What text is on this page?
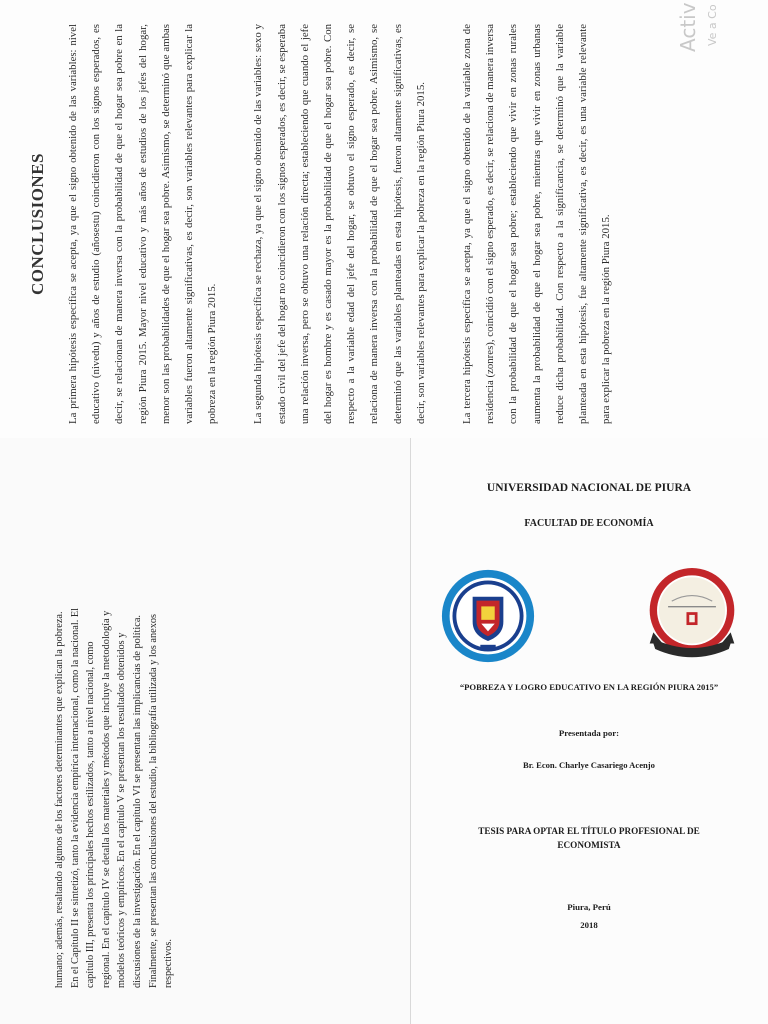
CONCLUSIONES	La primera hipótesis específica se acepta, ya que el signo obtenido de las variables: nivel educativo (nivedu) y años de estudio (añosestu) coincidieron con los signos esperados, es decir, se relacionan de manera inversa con la probabilidad de que el hogar sea pobre en la región Piura 2015. Mayor nivel educativo y más años de estudios de los jefes del hogar, menor son las probabilidades de que el hogar sea pobre. Asimismo, se determinó que ambas variables fueron altamente significativas, es decir, son variables relevantes para explicar la pobreza en la región Piura 2015.	La segunda hipótesis específica se rechaza, ya que el signo obtenido de las variables: sexo y estado civil del jefe del hogar no coincidieron con los signos esperados, es decir, se esperaba una relación inversa, pero se obtuvo una relación directa; estableciendo que cuando el jefe del hogar es hombre y es casado mayor es la probabilidad de que el hogar sea pobre. Con respecto a la variable edad del jefe del hogar, se obtuvo el signo esperado, es decir, se relaciona de manera inversa con la probabilidad de que el hogar sea pobre. Asimismo, se determinó que las variables planteadas en esta hipótesis, fueron altamente significativas, es decir, son variables relevantes para explicar la pobreza en la región Piura 2015.	La tercera hipótesis específica se acepta, ya que el signo obtenido de la variable zona de residencia (zonres), coincidió con el signo esperado, es decir, se relaciona de manera inversa con la probabilidad de que el hogar sea pobre; estableciendo que vivir en zonas rurales aumenta la probabilidad de que el hogar sea pobre, mientras que vivir en zonas urbanas reduce dicha probabilidad. Con respecto a la significancia, se determinó que la variable planteada en esta hipótesis, fue altamente significativa, es decir, es una variable relevante para explicar la pobreza en la región Piura 2015.

humano; además, resaltando algunos de los factores determinantes que explican la pobreza. En el Capítulo II se sintetizó, tanto la evidencia empírica internacional, como la nacional. El capítulo III, presenta los principales hechos estilizados, tanto a nivel nacional, como regional. En el capítulo IV se detalla los materiales y métodos que incluye la metodología y modelos teóricos y empíricos. En el capítulo V se presentan los resultados obtenidos y discusiones de la investigación. En el capítulo VI se presentan las implicancias de política. Finalmente, se presentan las conclusiones del estudio, la bibliografía utilizada y los anexos respectivos.

UNIVERSIDAD NACIONAL DE PIURA
FACULTAD DE ECONOMÍA
“POBREZA Y LOGRO EDUCATIVO EN LA REGIÓN PIURA 2015”
Presentada por:
Br. Econ. Charlye Casariego Acenjo
TESIS PARA OPTAR EL TÍTULO PROFESIONAL DE
ECONOMISTA
Piura, Perú
2018
Activ Ve a Co
